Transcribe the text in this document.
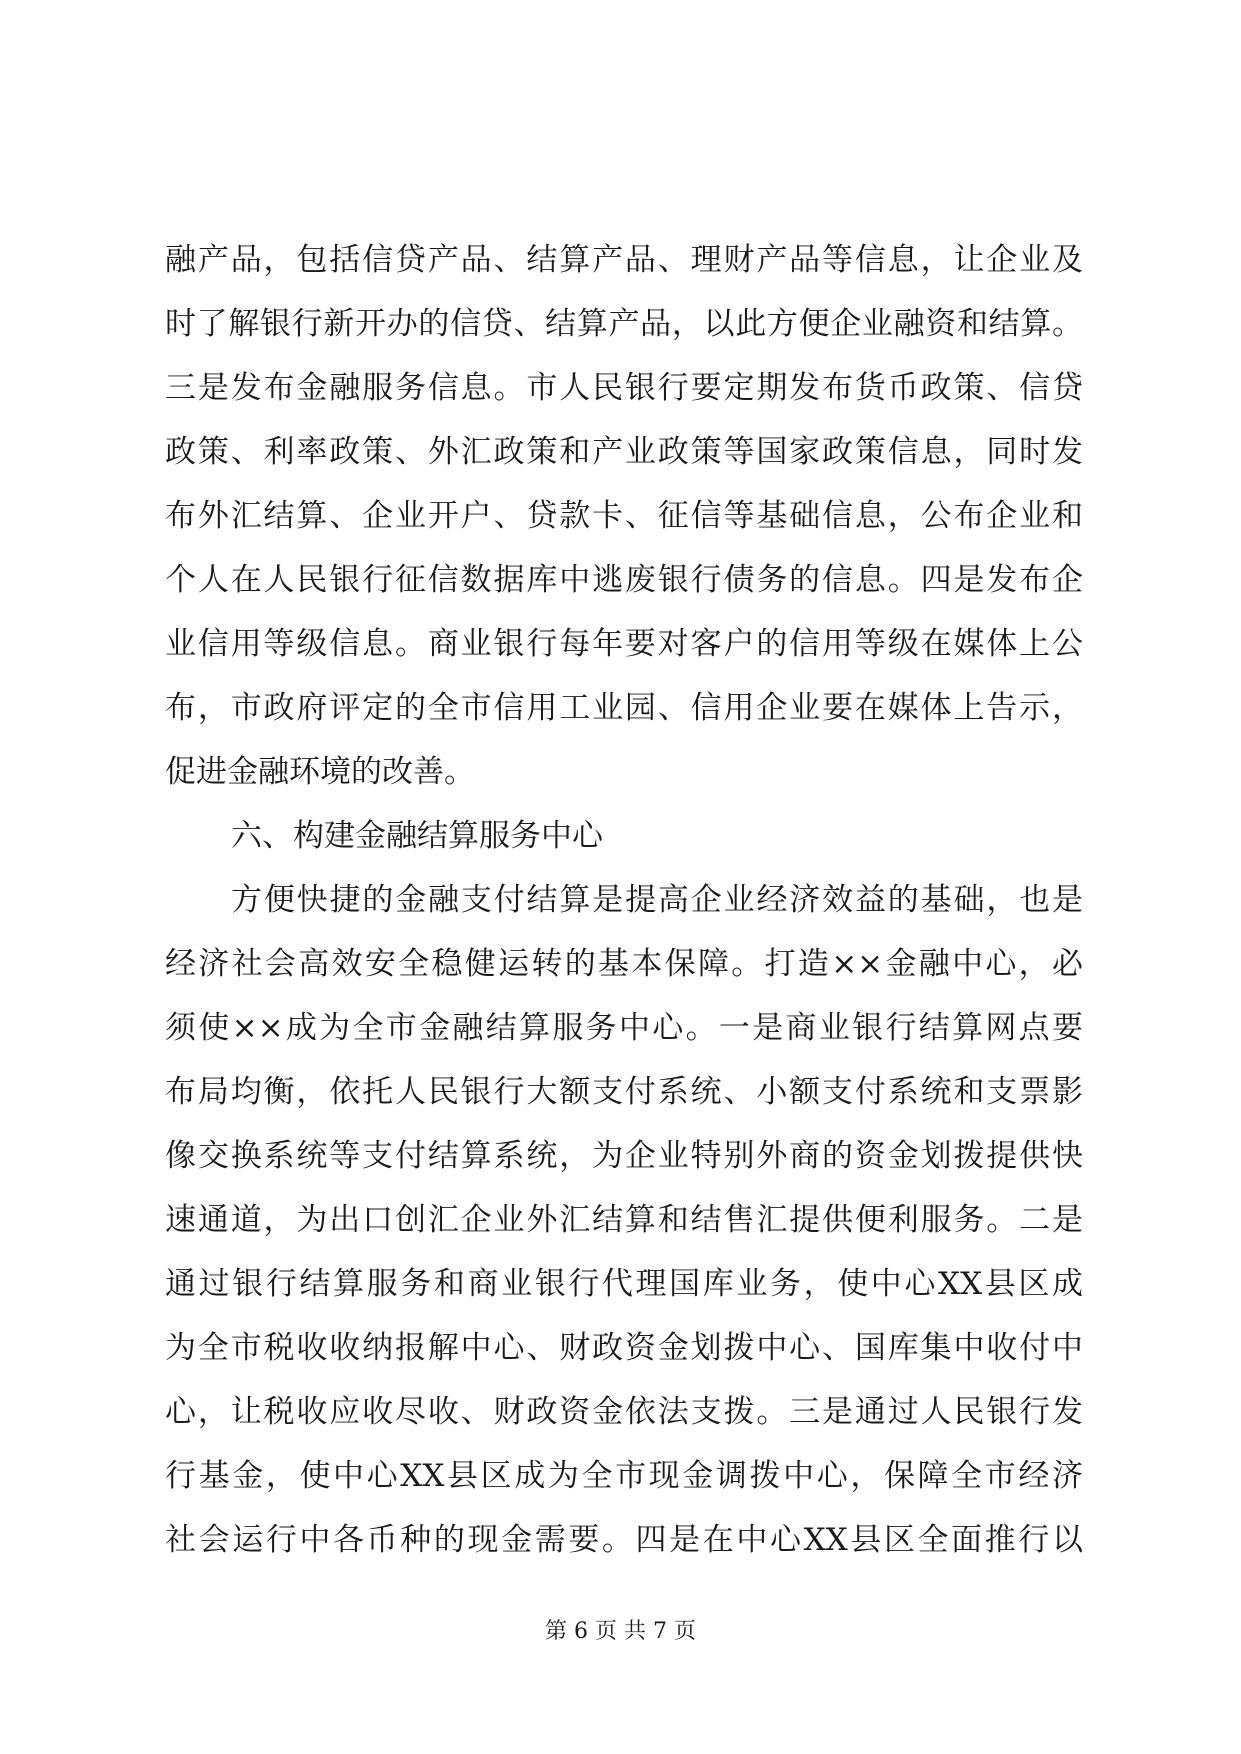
融产品，包括信贷产品、结算产品、理财产品等信息，让企业及
时了解银行新开办的信贷、结算产品，以此方便企业融资和结算。
三是发布金融服务信息。市人民银行要定期发布货币政策、信贷
政策、利率政策、外汇政策和产业政策等国家政策信息，同时发
布外汇结算、企业开户、贷款卡、征信等基础信息，公布企业和
个人在人民银行征信数据库中逃废银行债务的信息。四是发布企
业信用等级信息。商业银行每年要对客户的信用等级在媒体上公
布，市政府评定的全市信用工业园、信用企业要在媒体上告示，
促进金融环境的改善。
六、构建金融结算服务中心
方便快捷的金融支付结算是提高企业经济效益的基础，也是
经济社会高效安全稳健运转的基本保障。打造××金融中心，必
须使××成为全市金融结算服务中心。一是商业银行结算网点要
布局均衡，依托人民银行大额支付系统、小额支付系统和支票影
像交换系统等支付结算系统，为企业特别外商的资金划拨提供快
速通道，为出口创汇企业外汇结算和结售汇提供便利服务。二是
通过银行结算服务和商业银行代理国库业务，使中心XX县区成
为全市税收收纳报解中心、财政资金划拨中心、国库集中收付中
心，让税收应收尽收、财政资金依法支拨。三是通过人民银行发
行基金，使中心XX县区成为全市现金调拨中心，保障全市经济
社会运行中各币种的现金需要。四是在中心XX县区全面推行以
第 6 页 共 7 页
